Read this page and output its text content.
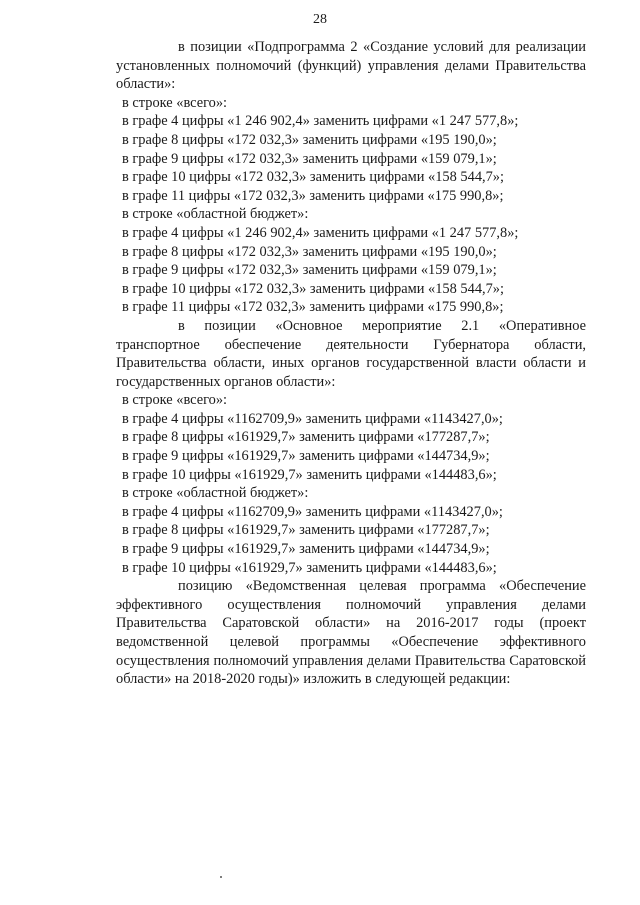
28

в позиции «Подпрограмма 2 «Создание условий для реализации установленных полномочий (функций) управления делами Правительства области»:

в строке «всего»:

в графе 4 цифры «1 246 902,4» заменить цифрами «1 247 577,8»;

в графе 8 цифры «172 032,3» заменить цифрами «195 190,0»;

в графе 9 цифры «172 032,3» заменить цифрами «159 079,1»;

в графе 10 цифры «172 032,3» заменить цифрами «158 544,7»;

в графе 11 цифры «172 032,3» заменить цифрами «175 990,8»;

в строке «областной бюджет»:

в графе 4 цифры «1 246 902,4» заменить цифрами «1 247 577,8»;

в графе 8 цифры «172 032,3» заменить цифрами «195 190,0»;

в графе 9 цифры «172 032,3» заменить цифрами «159 079,1»;

в графе 10 цифры «172 032,3» заменить цифрами «158 544,7»;

в графе 11 цифры «172 032,3» заменить цифрами «175 990,8»;

в позиции «Основное мероприятие 2.1 «Оперативное транспортное обеспечение деятельности Губернатора области, Правительства области, иных органов государственной власти области и государственных органов области»:

в строке «всего»:

в графе 4 цифры «1162709,9» заменить цифрами «1143427,0»;

в графе 8 цифры «161929,7» заменить цифрами «177287,7»;

в графе 9 цифры «161929,7» заменить цифрами «144734,9»;

в графе 10 цифры «161929,7» заменить цифрами «144483,6»;

в строке «областной бюджет»:

в графе 4 цифры «1162709,9» заменить цифрами «1143427,0»;

в графе 8 цифры «161929,7» заменить цифрами «177287,7»;

в графе 9 цифры «161929,7» заменить цифрами «144734,9»;

в графе 10 цифры «161929,7» заменить цифрами «144483,6»;

позицию «Ведомственная целевая программа «Обеспечение эффективного осуществления полномочий управления делами Правительства Саратовской области» на 2016-2017 годы (проект ведомственной целевой программы «Обеспечение эффективного осуществления полномочий управления делами Правительства Саратовской области» на 2018-2020 годы)» изложить в следующей редакции:
